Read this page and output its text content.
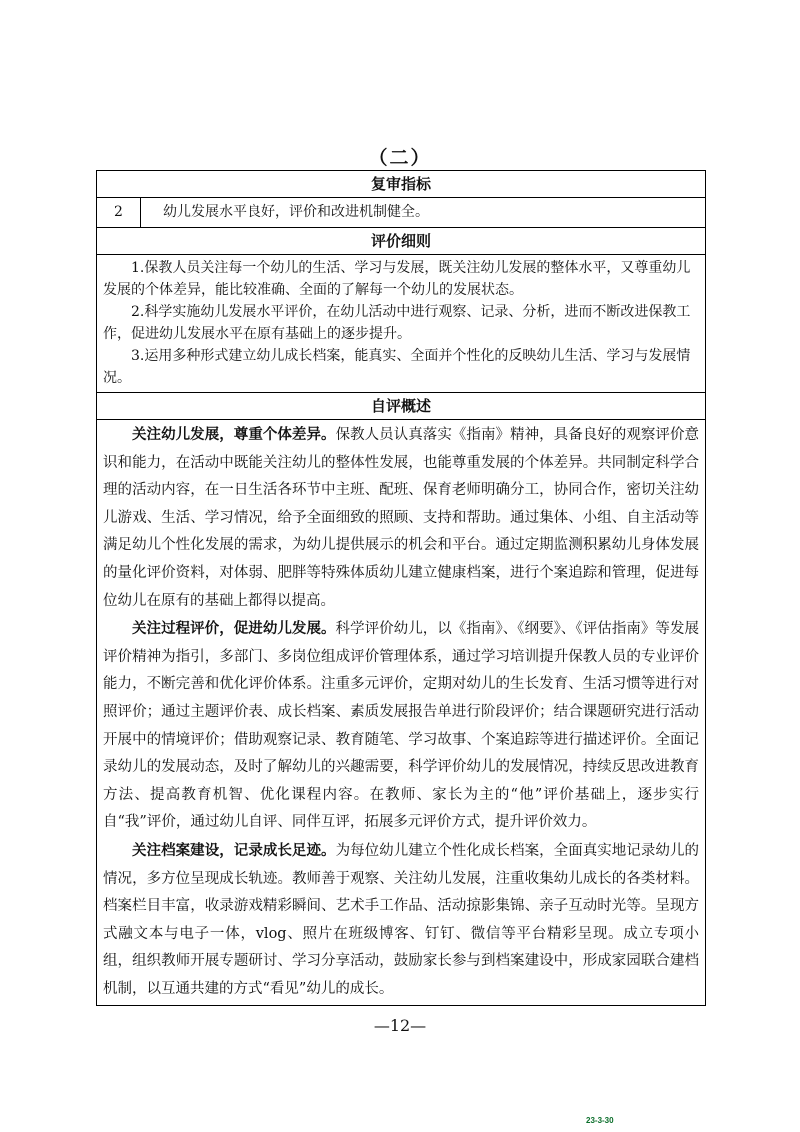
（二）
复审指标
2	幼儿发展水平良好，评价和改进机制健全。
评价细则

1.保教人员关注每一个幼儿的生活、学习与发展，既关注幼儿发展的整体水平，又尊重幼儿发展的个体差异，能比较准确、全面的了解每一个幼儿的发展状态。

2.科学实施幼儿发展水平评价，在幼儿活动中进行观察、记录、分析，进而不断改进保教工作，促进幼儿发展水平在原有基础上的逐步提升。

3.运用多种形式建立幼儿成长档案，能真实、全面并个性化的反映幼儿生活、学习与发展情况。

自评概述

关注幼儿发展，尊重个体差异。保教人员认真落实《指南》精神，具备良好的观察评价意识和能力，在活动中既能关注幼儿的整体性发展，也能尊重发展的个体差异。共同制定科学合理的活动内容，在一日生活各环节中主班、配班、保育老师明确分工，协同合作，密切关注幼儿游戏、生活、学习情况，给予全面细致的照顾、支持和帮助。通过集体、小组、自主活动等满足幼儿个性化发展的需求，为幼儿提供展示的机会和平台。通过定期监测积累幼儿身体发展的量化评价资料，对体弱、肥胖等特殊体质幼儿建立健康档案，进行个案追踪和管理，促进每位幼儿在原有的基础上都得以提高。

关注过程评价，促进幼儿发展。科学评价幼儿，以《指南》、《纲要》、《评估指南》等发展评价精神为指引，多部门、多岗位组成评价管理体系，通过学习培训提升保教人员的专业评价能力，不断完善和优化评价体系。注重多元评价，定期对幼儿的生长发育、生活习惯等进行对照评价；通过主题评价表、成长档案、素质发展报告单进行阶段评价；结合课题研究进行活动开展中的情境评价；借助观察记录、教育随笔、学习故事、个案追踪等进行描述评价。全面记录幼儿的发展动态，及时了解幼儿的兴趣需要，科学评价幼儿的发展情况，持续反思改进教育方法、提高教育机智、优化课程内容。在教师、家长为主的“他”评价基础上，逐步实行自“我”评价，通过幼儿自评、同伴互评，拓展多元评价方式，提升评价效力。

关注档案建设，记录成长足迹。为每位幼儿建立个性化成长档案，全面真实地记录幼儿的情况，多方位呈现成长轨迹。教师善于观察、关注幼儿发展，注重收集幼儿成长的各类材料。档案栏目丰富，收录游戏精彩瞬间、艺术手工作品、活动掠影集锦、亲子互动时光等。呈现方式融文本与电子一体，vlog、照片在班级博客、钉钉、微信等平台精彩呈现。成立专项小组，组织教师开展专题研讨、学习分享活动，鼓励家长参与到档案建设中，形成家园联合建档机制，以互通共建的方式“看见”幼儿的成长。

—12—
23-3-30
